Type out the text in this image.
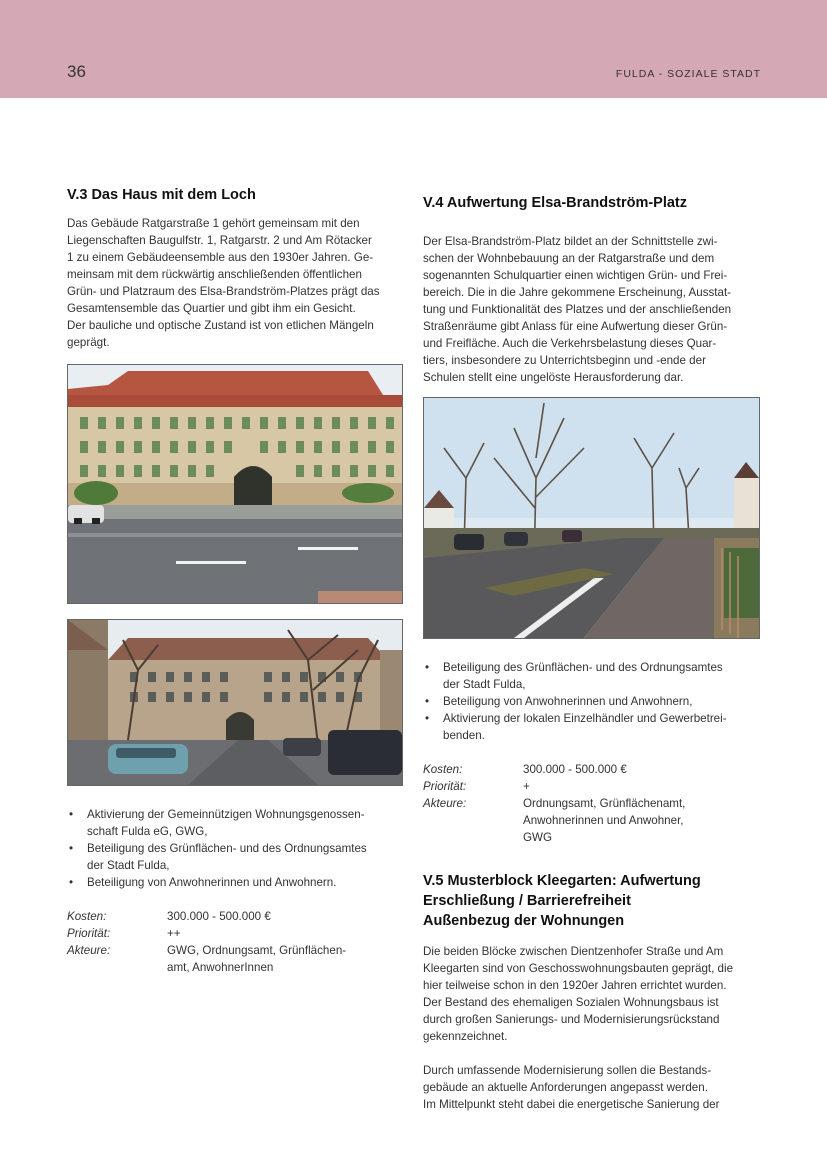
36	FULDA - SOZIALE STADT
V.3 Das Haus mit dem Loch

Das Gebäude Ratgarstraße 1 gehört gemeinsam mit den
Liegenschaften Baugulfstr. 1, Ratgarstr. 2 und Am Rötacker
1 zu einem Gebäudeensemble aus den 1930er Jahren. Ge-
meinsam mit dem rückwärtig anschließenden öffentlichen
Grün- und Platzraum des Elsa-Brandström-Platzes prägt das
Gesamtensemble das Quartier und gibt ihm ein Gesicht.
Der bauliche und optische Zustand ist von etlichen Mängeln
geprägt.

• Aktivierung der Gemeinnützigen Wohnungsgenossen-
schaft Fulda eG, GWG,
• Beteiligung des Grünflächen- und des Ordnungsamtes
der Stadt Fulda,
• Beteiligung von Anwohnerinnen und Anwohnern.
Kosten:	300.000 - 500.000 €
Priorität:	++
Akteure:	GWG, Ordnungsamt, Grünflächen-
amt, AnwohnerInnen
V.4 Aufwertung Elsa-Brandström-Platz

Der Elsa-Brandström-Platz bildet an der Schnittstelle zwi-
schen der Wohnbebauung an der Ratgarstraße und dem
sogenannten Schulquartier einen wichtigen Grün- und Frei-
bereich. Die in die Jahre gekommene Erscheinung, Ausstat-
tung und Funktionalität des Platzes und der anschließenden
Straßenräume gibt Anlass für eine Aufwertung dieser Grün-
und Freifläche. Auch die Verkehrsbelastung dieses Quar-
tiers, insbesondere zu Unterrichtsbeginn und -ende der
Schulen stellt eine ungelöste Herausforderung dar.

• Beteiligung des Grünflächen- und des Ordnungsamtes
der Stadt Fulda,
• Beteiligung von Anwohnerinnen und Anwohnern,
• Aktivierung der lokalen Einzelhändler und Gewerbetrei-
benden.
Kosten:	300.000 - 500.000 €
Priorität:	+
Akteure:	Ordnungsamt, Grünflächenamt,
Anwohnerinnen und Anwohner,
GWG
V.5 Musterblock Kleegarten: Aufwertung
Erschließung / Barrierefreiheit
Außenbezug der Wohnungen

Die beiden Blöcke zwischen Dientzenhofer Straße und Am
Kleegarten sind von Geschosswohnungsbauten geprägt, die
hier teilweise schon in den 1920er Jahren errichtet wurden.
Der Bestand des ehemaligen Sozialen Wohnungsbaus ist
durch großen Sanierungs- und Modernisierungsrückstand
gekennzeichnet.

Durch umfassende Modernisierung sollen die Bestands-
gebäude an aktuelle Anforderungen angepasst werden.
Im Mittelpunkt steht dabei die energetische Sanierung der
